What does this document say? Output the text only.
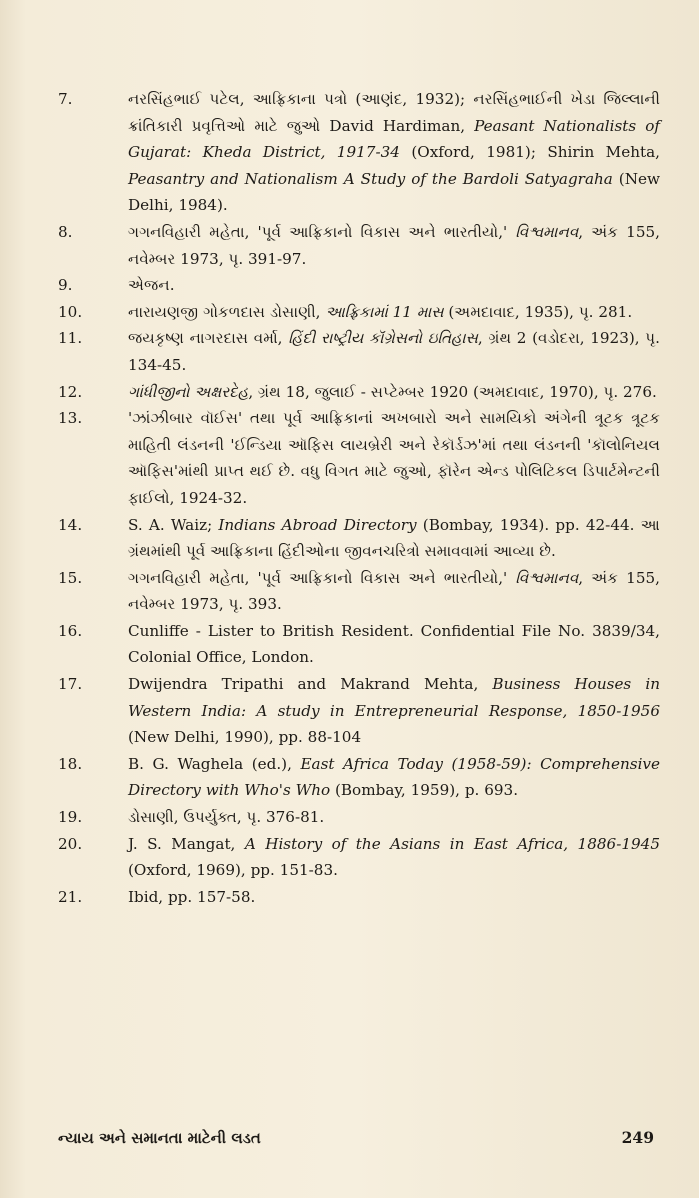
7.	નરસિંહભાઈ પટેલ, આફ્રિકાના પત્રો (આણંદ, 1932); નરસિંહભાઈની ખેડા જિલ્લાની ક્રાંતિકારી પ્રવૃત્તિઓ માટે જુઓ David Hardiman, Peasant Nationalists of Gujarat: Kheda District, 1917-34 (Oxford, 1981); Shirin Mehta, Peasantry and Nationalism A Study of the Bardoli Satyagraha (New Delhi, 1984).
8.	ગગનવિહારી મહેતા, 'પૂર્વ આફ્રિકાનો વિકાસ અને ભારતીયો,' વિશ્વમાનવ, અંક 155, નવેમ્બર 1973, પૃ. 391-97.
9.	એજન.
10.	નારાયણજી ગોકળદાસ ડોસાણી, આફ્રિકામાં 11 માસ (અમદાવાદ, 1935), પૃ. 281.
11.	જયકૃષ્ણ નાગરદાસ વર્મા, હિંદી રાષ્ટ્રીય કૉંગ્રેસનો ઇતિહાસ, ગ્રંથ 2 (વડોદરા, 1923), પૃ. 134-45.
12.	ગાંધીજીનો અક્ષરદેહ, ગ્રંથ 18, જુલાઈ - સપ્ટેમ્બર 1920 (અમદાવાદ, 1970), પૃ. 276.
13.	'ઝાંઝીબાર વૉઈસ' તથા પૂર્વ આફ્રિકાનાં અખબારો અને સામયિકો અંગેની ત્રૂટક ત્રૂટક માહિતી લંડનની 'ઈન્ડિયા ઑફિસ લાયબ્રેરી અને રેકૉર્ડઝ'માં તથા લંડનની 'કૉલોનિયલ ઑફિસ'માંથી પ્રાપ્ત થઈ છે. વધુ વિગત માટે જુઓ, ફૉરેન એન્ડ પોલિટિકલ ડિપાર્ટમેન્ટની ફાઈલો, 1924-32.
14.	S. A. Waiz; Indians Abroad Directory (Bombay, 1934). pp. 42-44. આ ગ્રંથમાંથી પૂર્વ આફ્રિકાના હિંદીઓના જીવનચરિત્રો સમાવવામાં આવ્યા છે.
15.	ગગનવિહારી મહેતા, 'પૂર્વ આફ્રિકાનો વિકાસ અને ભારતીયો,' વિશ્વમાનવ, અંક 155, નવેમ્બર 1973, પૃ. 393.
16.	Cunliffe - Lister to British Resident. Confidential File No. 3839/34, Colonial Office, London.
17.	Dwijendra Tripathi and Makrand Mehta, Business Houses in Western India: A study in Entrepreneurial Response, 1850-1956 (New Delhi, 1990), pp. 88-104
18.	B. G. Waghela (ed.), East Africa Today (1958-59): Comprehensive Directory with Who's Who (Bombay, 1959), p. 693.
19.	ડોસાણી, ઉપર્યુક્ત, પૃ. 376-81.
20.	J. S. Mangat, A History of the Asians in East Africa, 1886-1945 (Oxford, 1969), pp. 151-83.
21.	Ibid, pp. 157-58.
ન્યાય અને સમાનતા માટેની લડત	249
